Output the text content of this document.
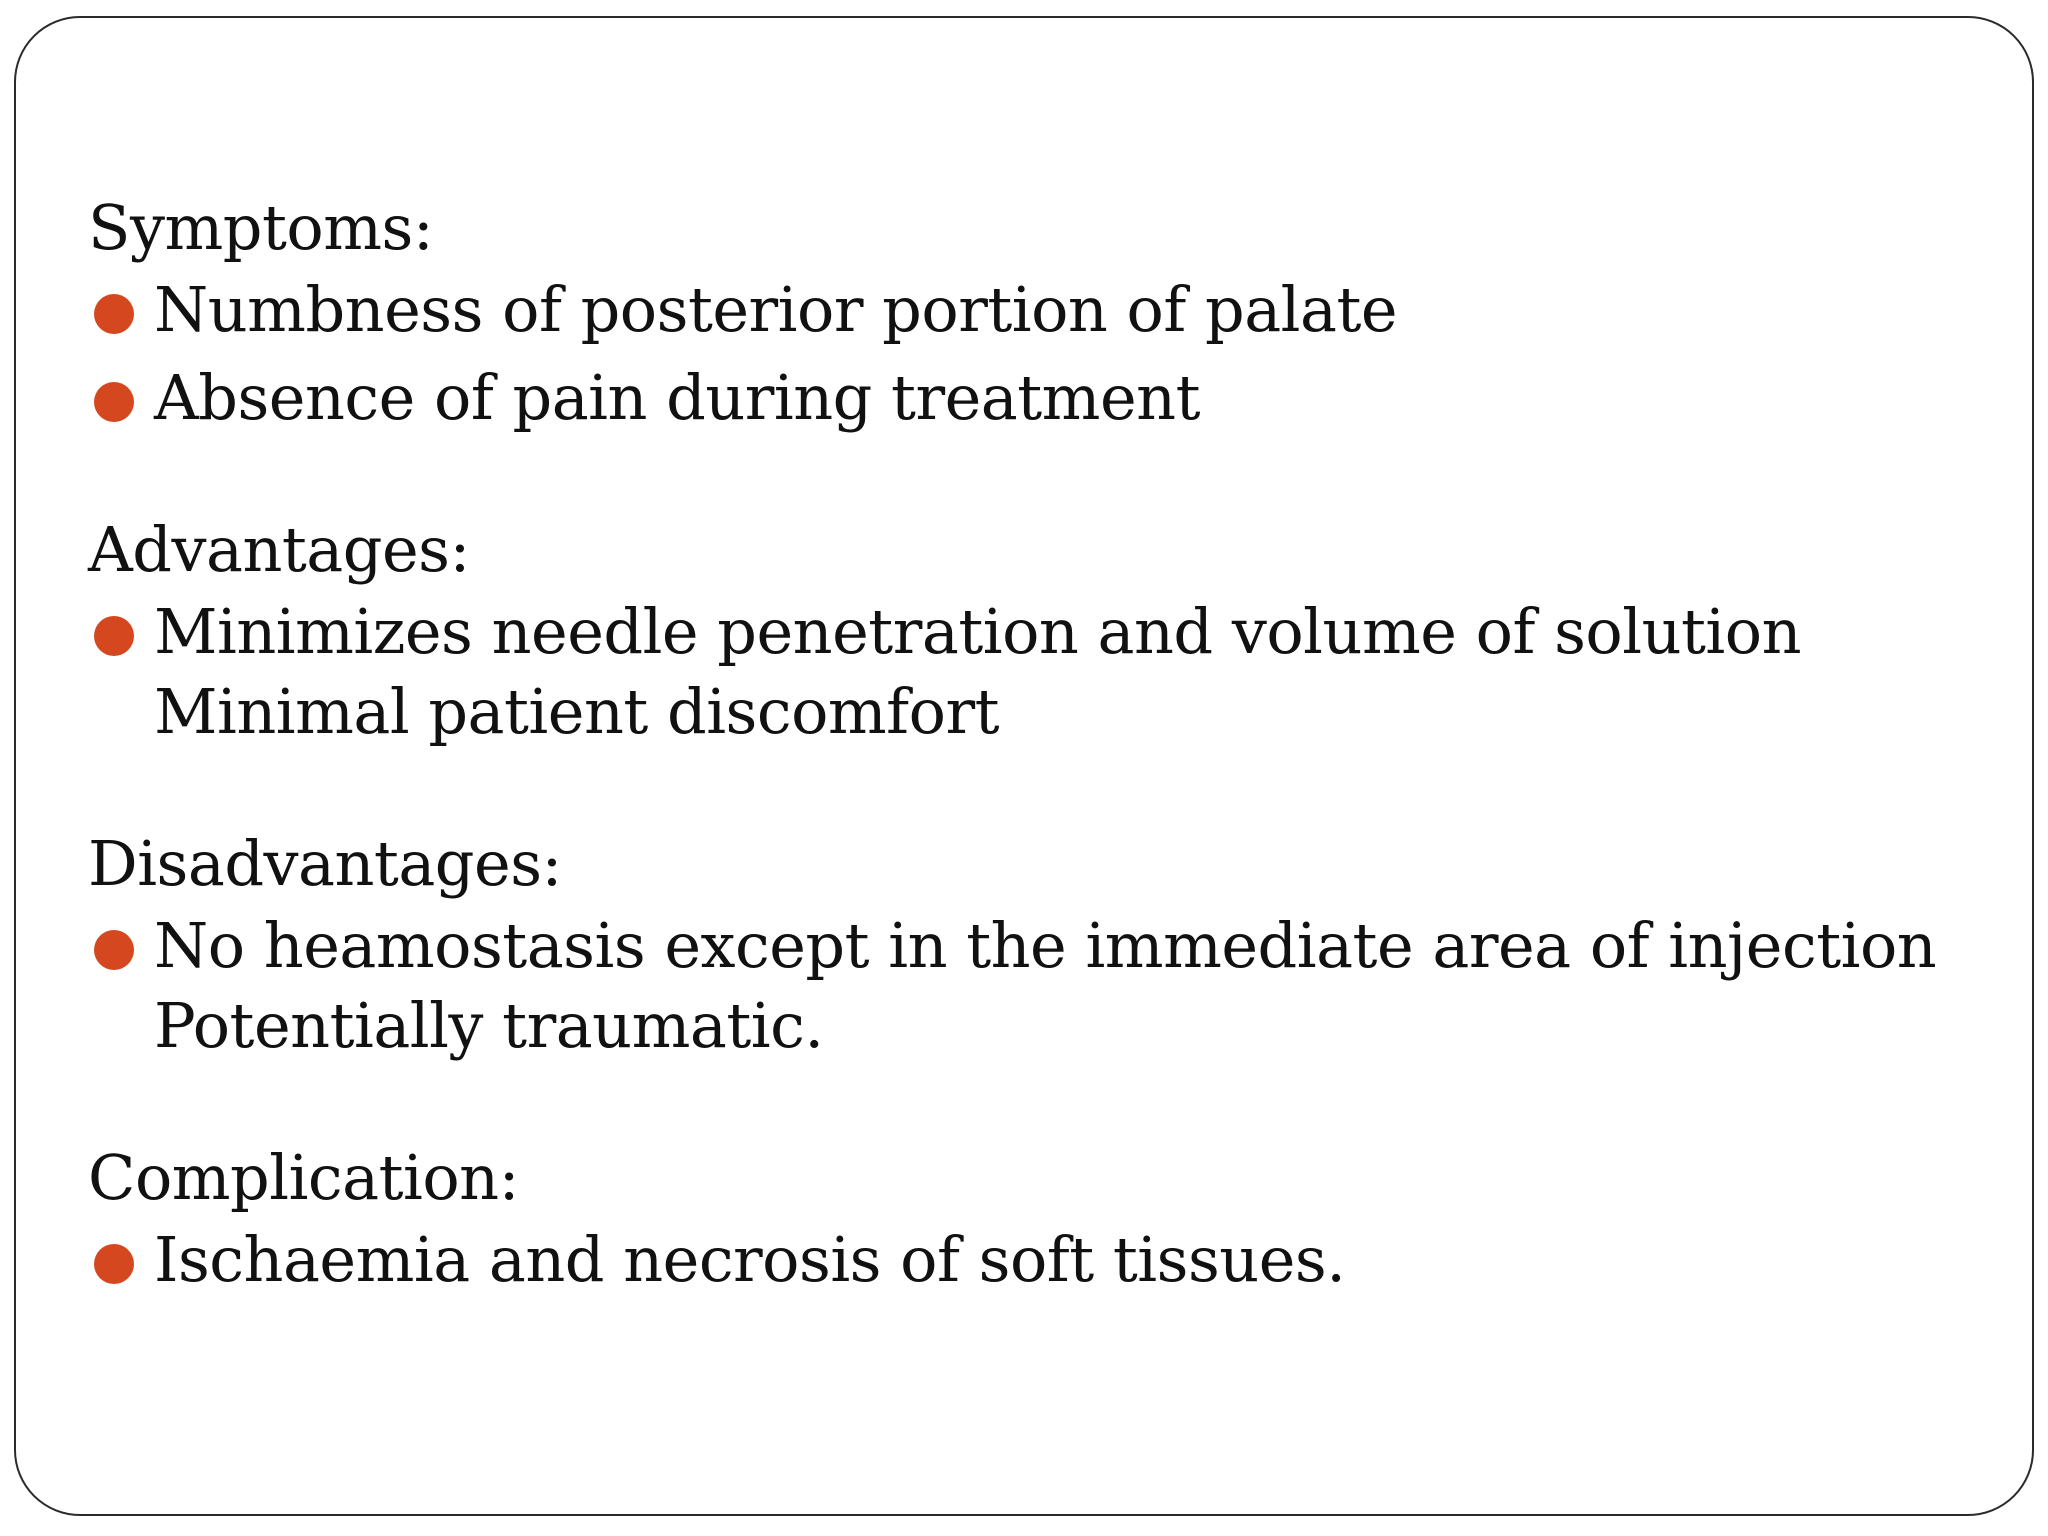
Symptoms:

Numbness of posterior portion of palate
Absence of pain during treatment

Advantages:

Minimizes needle penetration and volume of solution Minimal patient discomfort

Disadvantages:

No heamostasis except in the immediate area of injection Potentially traumatic.

Complication:

Ischaemia and necrosis of soft tissues.
